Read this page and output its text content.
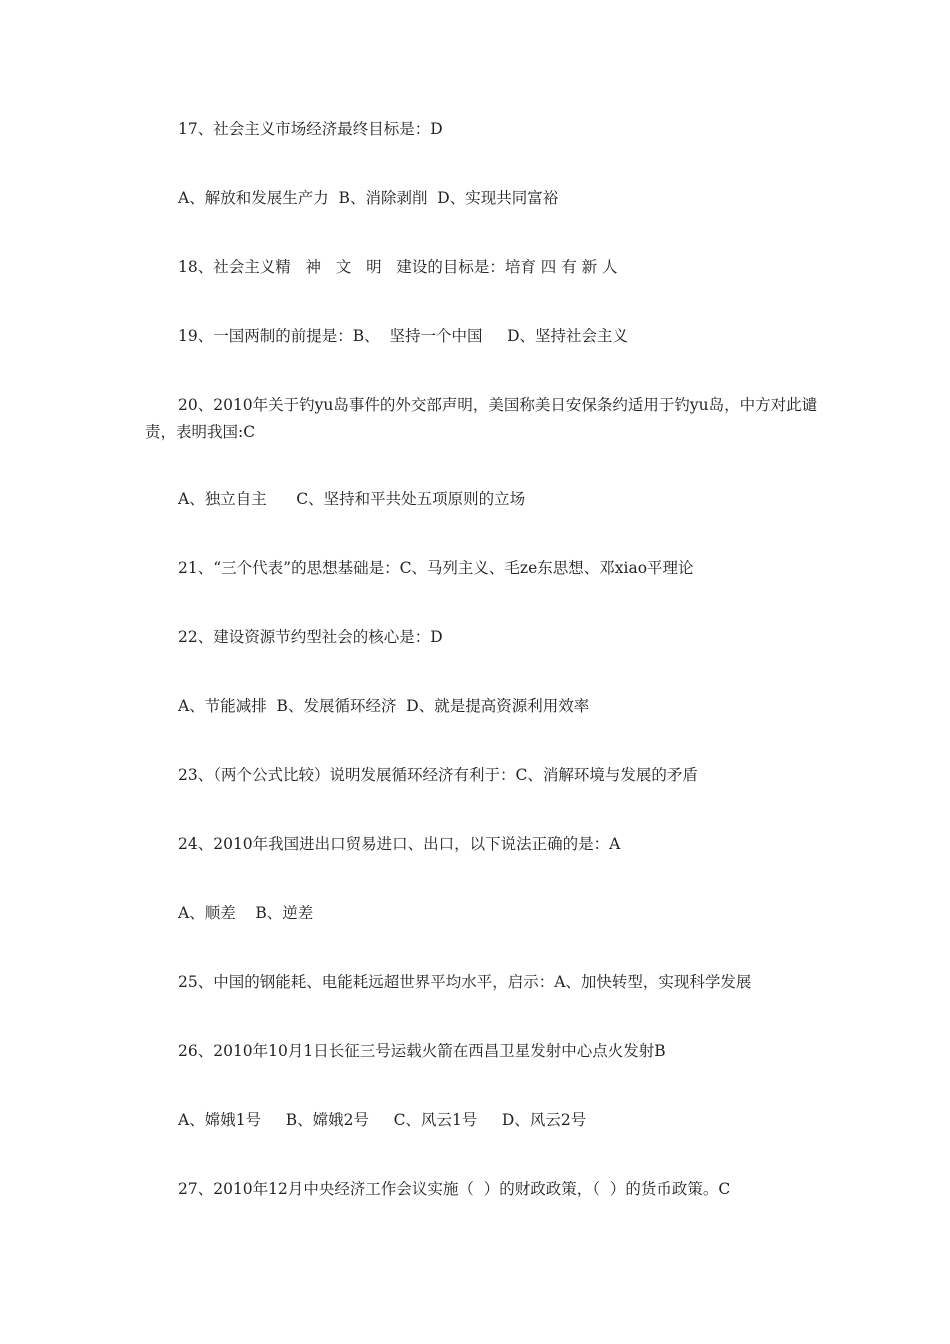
17、社会主义市场经济最终目标是：D
A、解放和发展生产力  B、消除剥削  D、实现共同富裕
18、社会主义精   神   文   明   建设的目标是：培育 四 有 新 人
19、一国两制的前提是：B、  坚持一个中国     D、坚持社会主义
20、2010年关于钓yu岛事件的外交部声明，美国称美日安保条约适用于钓yu岛，中方对此谴责，表明我国:C
A、独立自主      C、坚持和平共处五项原则的立场
21、“三个代表”的思想基础是：C、马列主义、毛ze东思想、邓xiao平理论
22、建设资源节约型社会的核心是：D
A、节能减排  B、发展循环经济  D、就是提高资源利用效率
23、（两个公式比较）说明发展循环经济有利于：C、消解环境与发展的矛盾
24、2010年我国进出口贸易进口、出口，以下说法正确的是：A
A、顺差    B、逆差
25、中国的钢能耗、电能耗远超世界平均水平，启示：A、加快转型，实现科学发展
26、2010年10月1日长征三号运载火箭在西昌卫星发射中心点火发射B
A、嫦娥1号     B、嫦娥2号     C、风云1号     D、风云2号
27、2010年12月中央经济工作会议实施（  ）的财政政策，（  ）的货币政策。C
